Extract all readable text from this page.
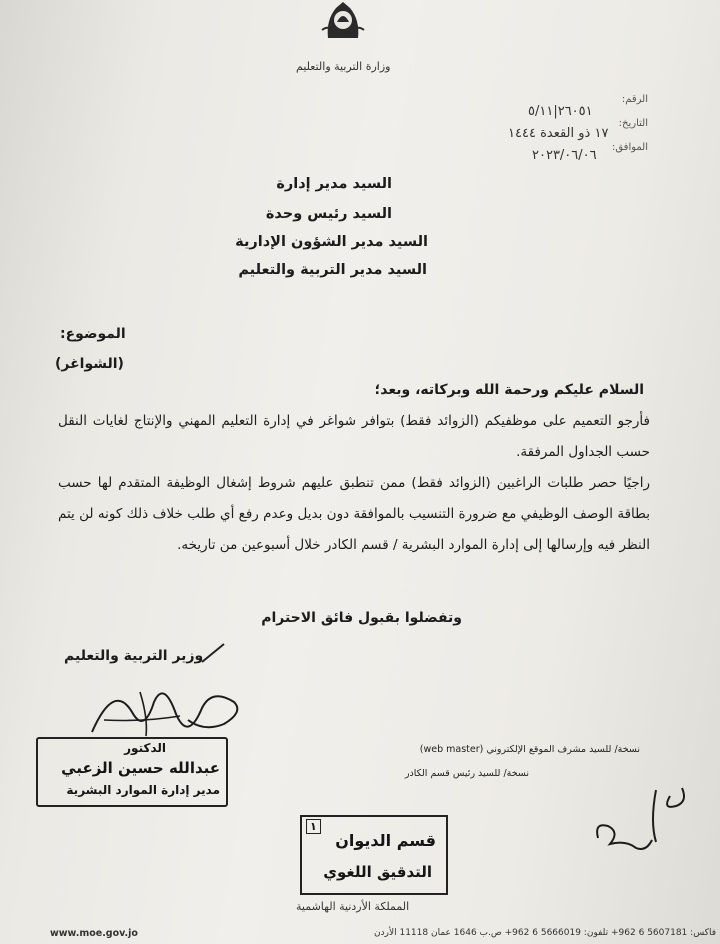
وزارة التربية والتعليم
الرقم:
التاريخ:
الموافق:
٢٦٠٥١|٥/١١
١٧ ذو القعدة ١٤٤٤
٢٠٢٣/٠٦/٠٦
السيد مدير إدارة
السيد رئيس وحدة
السيد مدير الشؤون الإدارية
السيد مدير التربية والتعليم
الموضوع:
(الشواغر)
السلام عليكم ورحمة الله وبركاته، وبعد؛

فأرجو التعميم على موظفيكم (الزوائد فقط) بتوافر شواغر في إدارة التعليم المهني والإنتاج لغايات النقل حسب الجداول المرفقة.

راجيًا حصر طلبات الراغبين (الزوائد فقط) ممن تنطبق عليهم شروط إشغال الوظيفة المتقدم لها حسب بطاقة الوصف الوظيفي مع ضرورة التنسيب بالموافقة دون بديل وعدم رفع أي طلب خلاف ذلك كونه لن يتم النظر فيه وإرسالها إلى إدارة الموارد البشرية / قسم الكادر خلال أسبوعين من تاريخه.

وتفضلوا بقبول فائق الاحترام
وزير التربية والتعليم
الدكتور
عبدالله حسين الزعبي
مدير إدارة الموارد البشرية
نسخة/ للسيد مشرف الموقع الإلكتروني (web master)
نسخة/ للسيد رئيس قسم الكادر
١
قسم الديوان
التدقيق اللغوي
المملكة الأردنية الهاشمية
www.moe.gov.jo	فاكس: 5607181 6 962+ تلفون: 5666019 6 962+ ص.ب 1646 عمان 11118 الأردن
